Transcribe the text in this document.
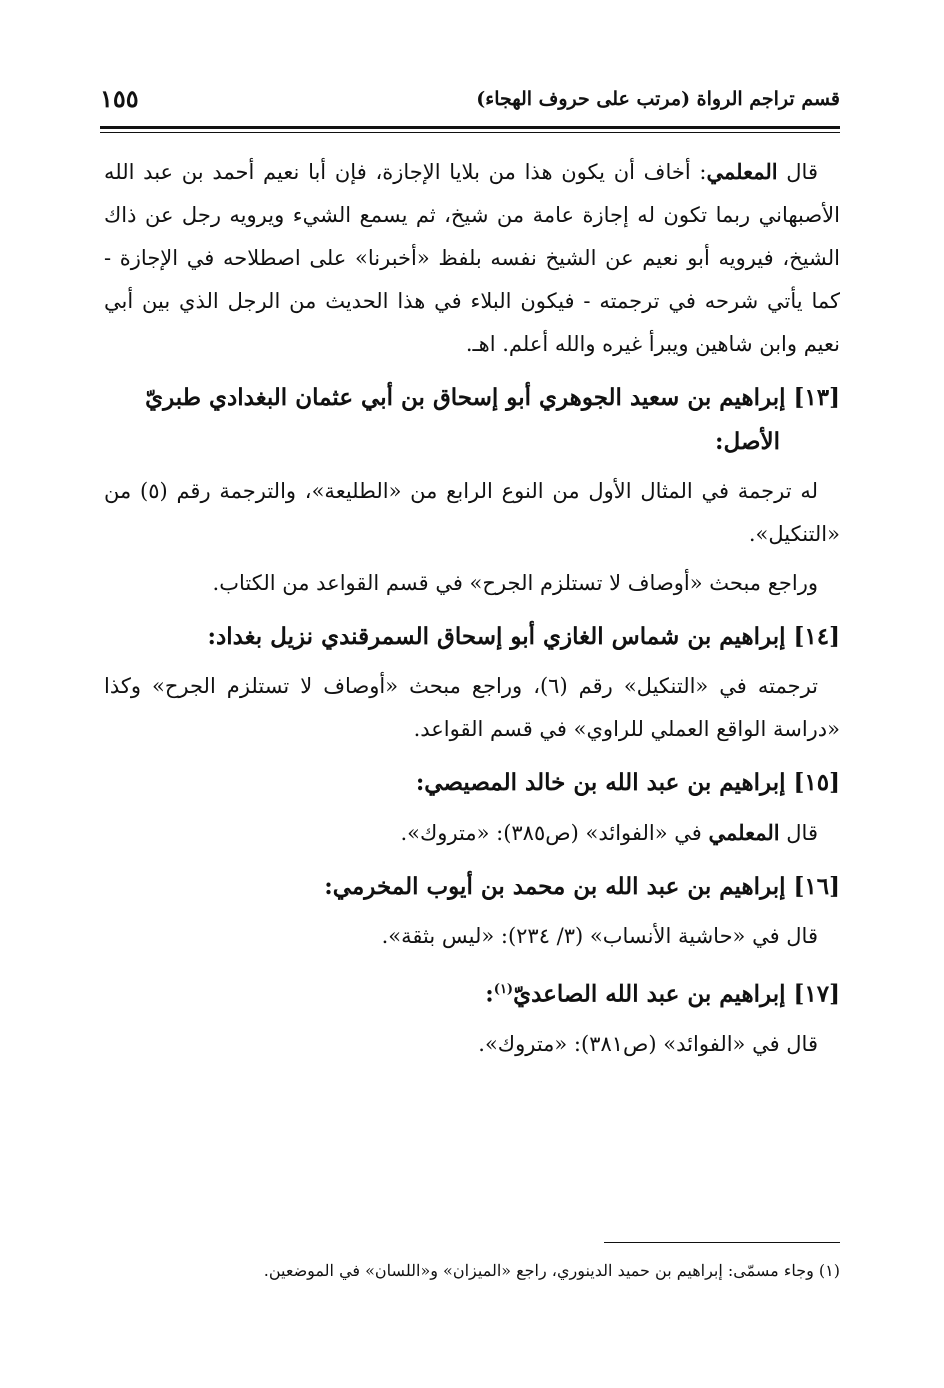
قسم تراجم الرواة (مرتب على حروف الهجاء)
١٥٥

قال المعلمي: أخاف أن يكون هذا من بلايا الإجازة، فإن أبا نعيم أحمد بن عبد الله الأصبهاني ربما تكون له إجازة عامة من شيخ، ثم يسمع الشيء ويرويه رجل عن ذاك الشيخ، فيرويه أبو نعيم عن الشيخ نفسه بلفظ «أخبرنا» على اصطلاحه في الإجازة - كما يأتي شرحه في ترجمته - فيكون البلاء في هذا الحديث من الرجل الذي بين أبي نعيم وابن شاهين ويبرأ غيره والله أعلم. اهـ.

[١٣] إبراهيم بن سعيد الجوهري أبو إسحاق بن أبي عثمان البغدادي طبريّ
الأصل:

له ترجمة في المثال الأول من النوع الرابع من «الطليعة»، والترجمة رقم (٥) من «التنكيل».

وراجع مبحث «أوصاف لا تستلزم الجرح» في قسم القواعد من الكتاب.

[١٤] إبراهيم بن شماس الغازي أبو إسحاق السمرقندي نزيل بغداد:

ترجمته في «التنكيل» رقم (٦)، وراجع مبحث «أوصاف لا تستلزم الجرح» وكذا «دراسة الواقع العملي للراوي» في قسم القواعد.

[١٥] إبراهيم بن عبد الله بن خالد المصيصي:

قال المعلمي في «الفوائد» (ص٣٨٥): «متروك».

[١٦] إبراهيم بن عبد الله بن محمد بن أيوب المخرمي:

قال في «حاشية الأنساب» (٣/ ٢٣٤): «ليس بثقة».

[١٧] إبراهيم بن عبد الله الصاعديّ$^{(١)}$:

قال في «الفوائد» (ص٣٨١): «متروك».

(١) وجاء مسمّى: إبراهيم بن حميد الدينوري، راجع «الميزان» و«اللسان» في الموضعين.
